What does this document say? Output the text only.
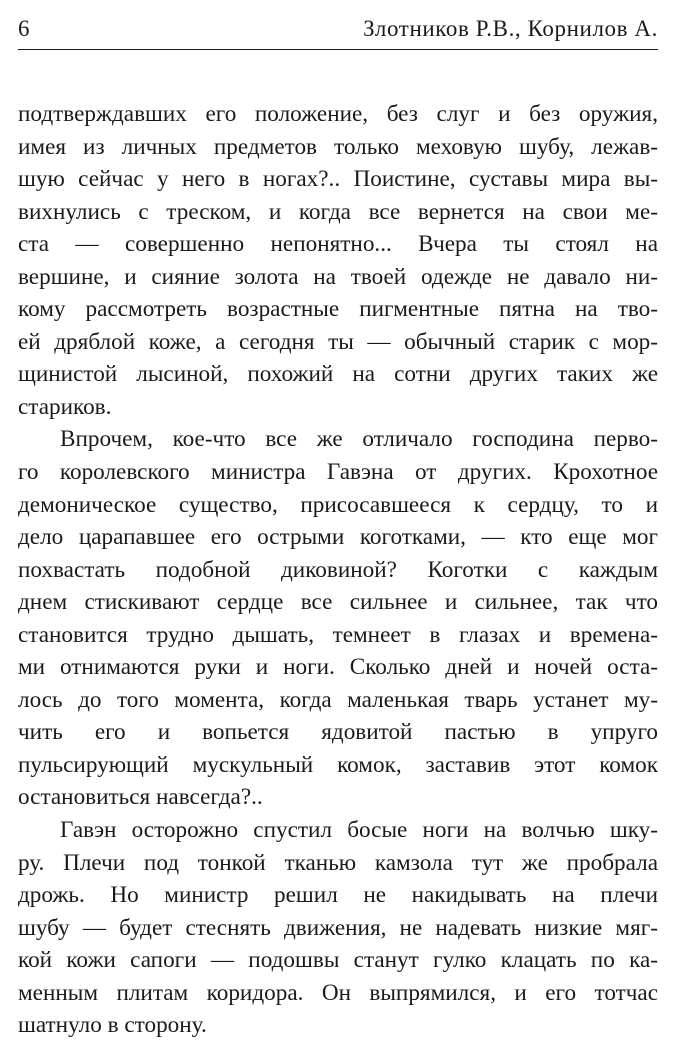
6	Злотников Р.В., Корнилов А.
подтверждавших его положение, без слуг и без оружия,
имея из личных предметов только меховую шубу, лежав-
шую сейчас у него в ногах?.. Поистине, суставы мира вы-
вихнулись с треском, и когда все вернется на свои ме-
ста — совершенно непонятно... Вчера ты стоял на
вершине, и сияние золота на твоей одежде не давало ни-
кому рассмотреть возрастные пигментные пятна на тво-
ей дряблой коже, а сегодня ты — обычный старик с мор-
щинистой лысиной, похожий на сотни других таких же
стариков.
Впрочем, кое-что все же отличало господина перво-
го королевского министра Гавэна от других. Крохотное
демоническое существо, присосавшееся к сердцу, то и
дело царапавшее его острыми коготками, — кто еще мог
похвастать подобной диковиной? Коготки с каждым
днем стискивают сердце все сильнее и сильнее, так что
становится трудно дышать, темнеет в глазах и времена-
ми отнимаются руки и ноги. Сколько дней и ночей оста-
лось до того момента, когда маленькая тварь устанет му-
чить его и вопьется ядовитой пастью в упруго
пульсирующий мускульный комок, заставив этот комок
остановиться навсегда?..
Гавэн осторожно спустил босые ноги на волчью шку-
ру. Плечи под тонкой тканью камзола тут же пробрала
дрожь. Но министр решил не накидывать на плечи
шубу — будет стеснять движения, не надевать низкие мяг-
кой кожи сапоги — подошвы станут гулко клацать по ка-
менным плитам коридора. Он выпрямился, и его тотчас
шатнуло в сторону.
